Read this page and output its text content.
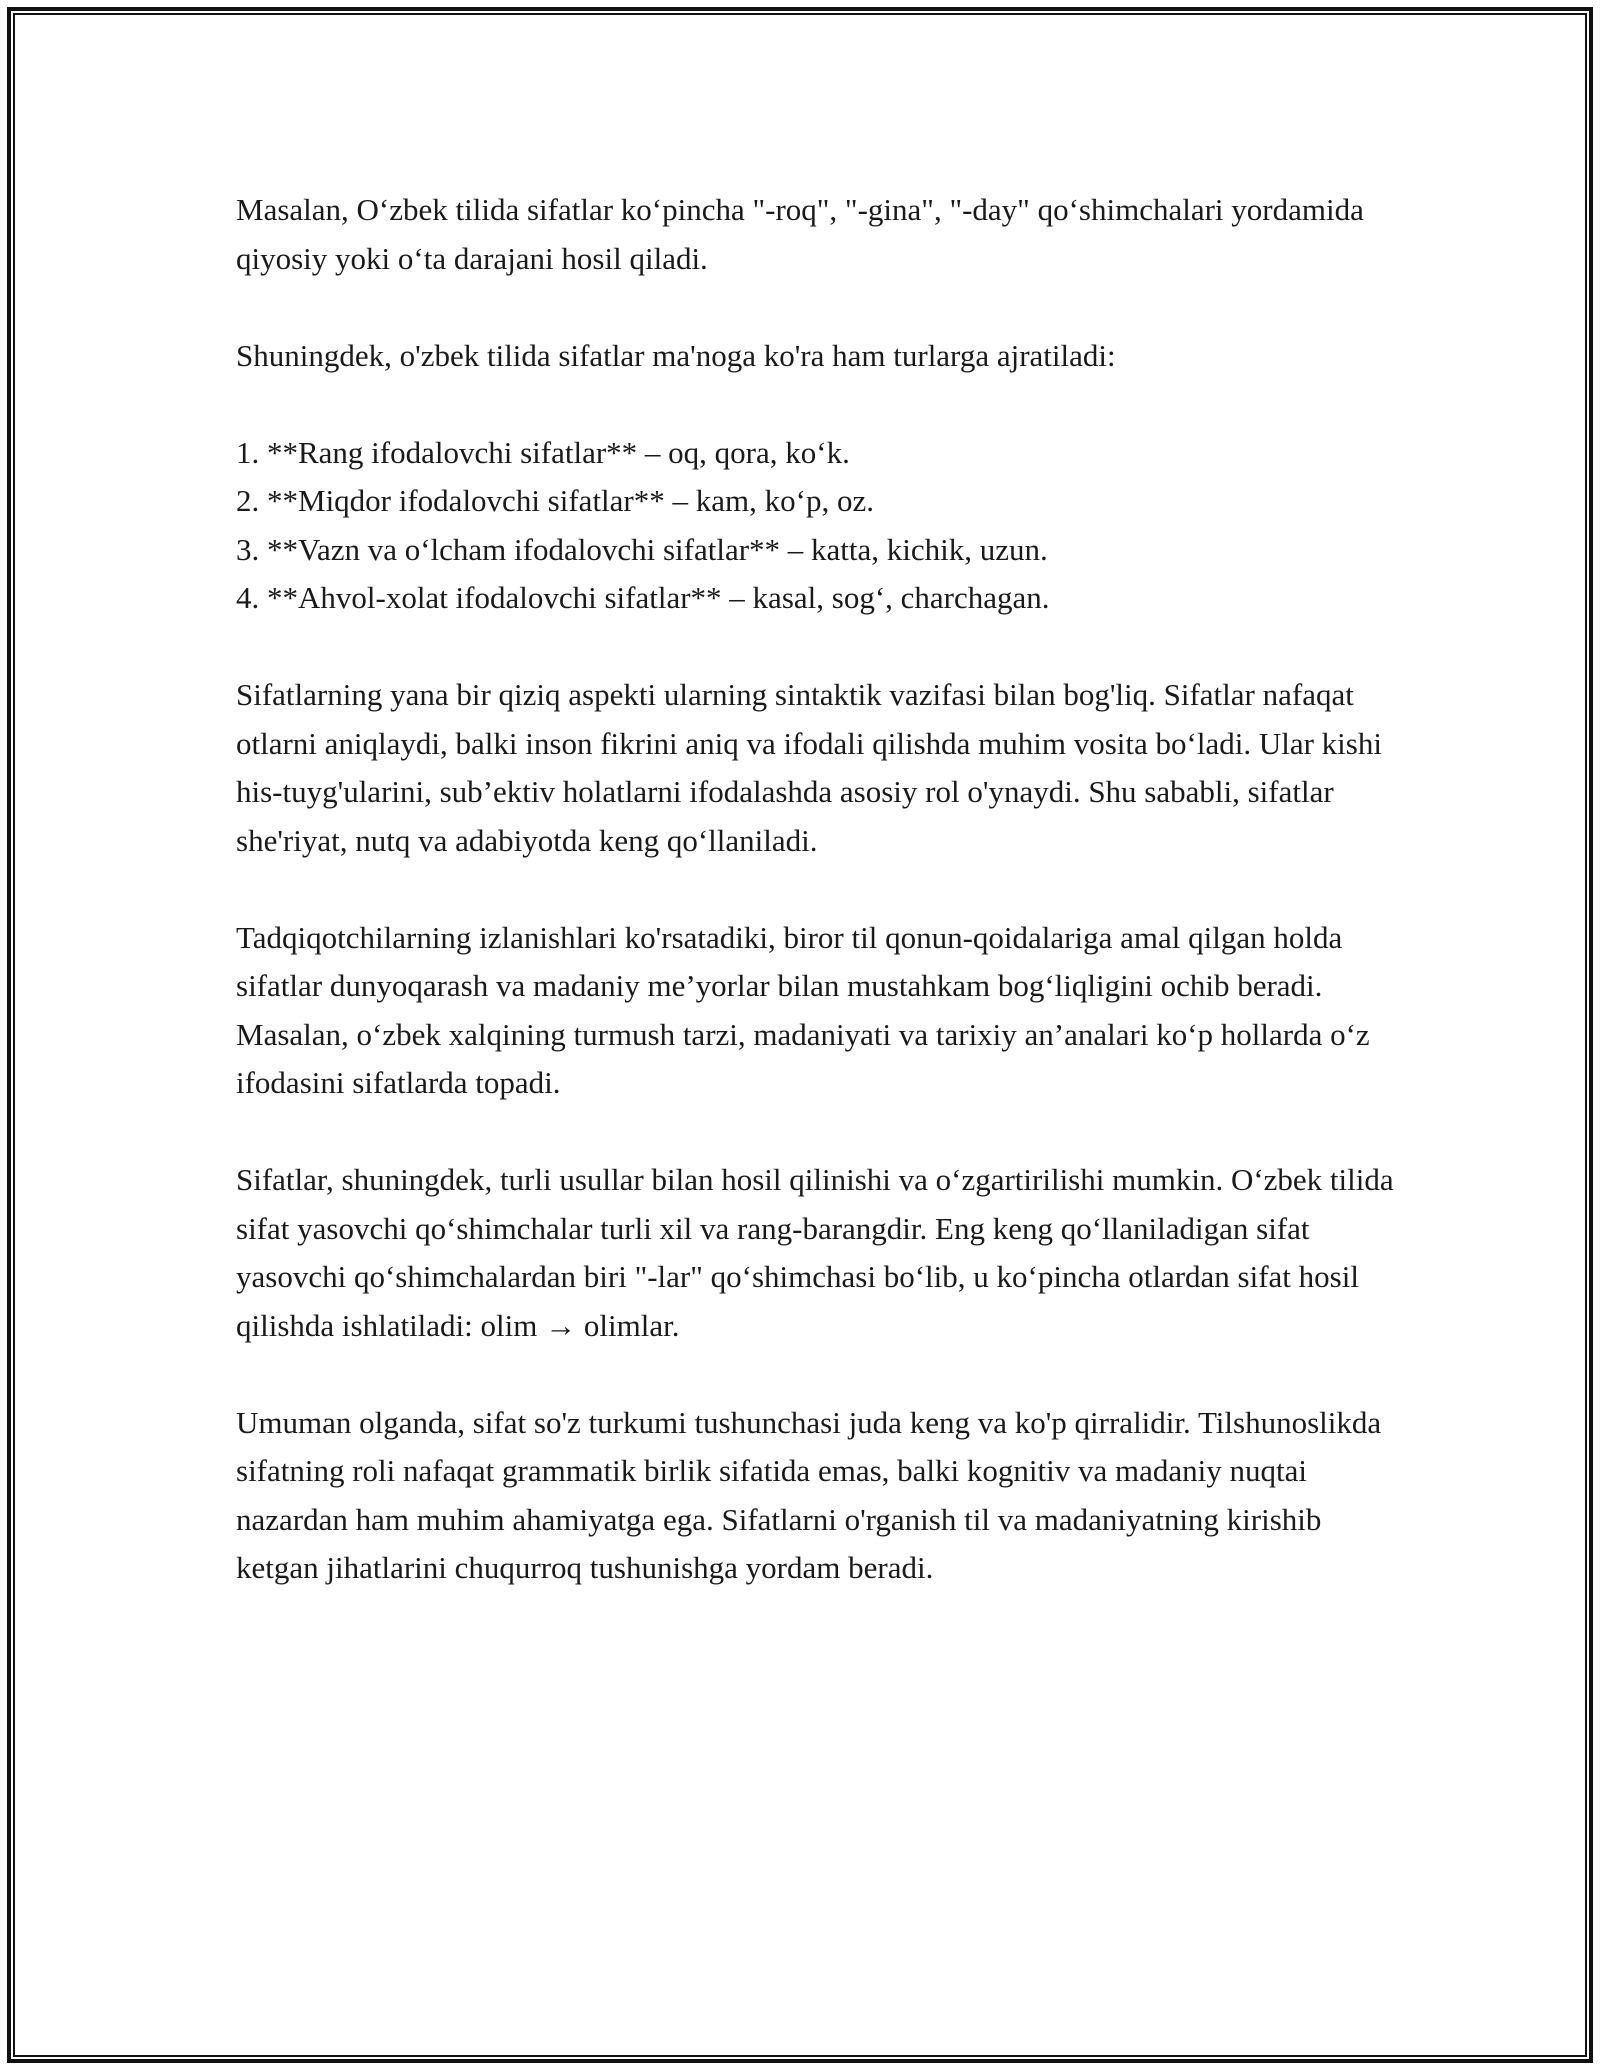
Masalan, O‘zbek tilida sifatlar ko‘pincha "-roq", "-gina", "-day" qo‘shimchalari yordamida qiyosiy yoki o‘ta darajani hosil qiladi.

Shuningdek, o'zbek tilida sifatlar ma'noga ko'ra ham turlarga ajratiladi:

1. **Rang ifodalovchi sifatlar** – oq, qora, ko‘k.
2. **Miqdor ifodalovchi sifatlar** – kam, ko‘p, oz.
3. **Vazn va o‘lcham ifodalovchi sifatlar** – katta, kichik, uzun.
4. **Ahvol-xolat ifodalovchi sifatlar** – kasal, sog‘, charchagan.

Sifatlarning yana bir qiziq aspekti ularning sintaktik vazifasi bilan bog'liq. Sifatlar nafaqat otlarni aniqlaydi, balki inson fikrini aniq va ifodali qilishda muhim vosita bo‘ladi. Ular kishi his-tuyg'ularini, sub’ektiv holatlarni ifodalashda asosiy rol o'ynaydi. Shu sababli, sifatlar she'riyat, nutq va adabiyotda keng qo‘llaniladi.

Tadqiqotchilarning izlanishlari ko'rsatadiki, biror til qonun-qoidalariga amal qilgan holda sifatlar dunyoqarash va madaniy me’yorlar bilan mustahkam bog‘liqligini ochib beradi. Masalan, o‘zbek xalqining turmush tarzi, madaniyati va tarixiy an’analari ko‘p hollarda o‘z ifodasini sifatlarda topadi.

Sifatlar, shuningdek, turli usullar bilan hosil qilinishi va o‘zgartirilishi mumkin. O‘zbek tilida sifat yasovchi qo‘shimchalar turli xil va rang-barangdir. Eng keng qo‘llaniladigan sifat yasovchi qo‘shimchalardan biri "-lar" qo‘shimchasi bo‘lib, u ko‘pincha otlardan sifat hosil qilishda ishlatiladi: olim → olimlar.

Umuman olganda, sifat so'z turkumi tushunchasi juda keng va ko'p qirralidir. Tilshunoslikda sifatning roli nafaqat grammatik birlik sifatida emas, balki kognitiv va madaniy nuqtai nazardan ham muhim ahamiyatga ega. Sifatlarni o'rganish til va madaniyatning kirishib ketgan jihatlarini chuqurroq tushunishga yordam beradi.
